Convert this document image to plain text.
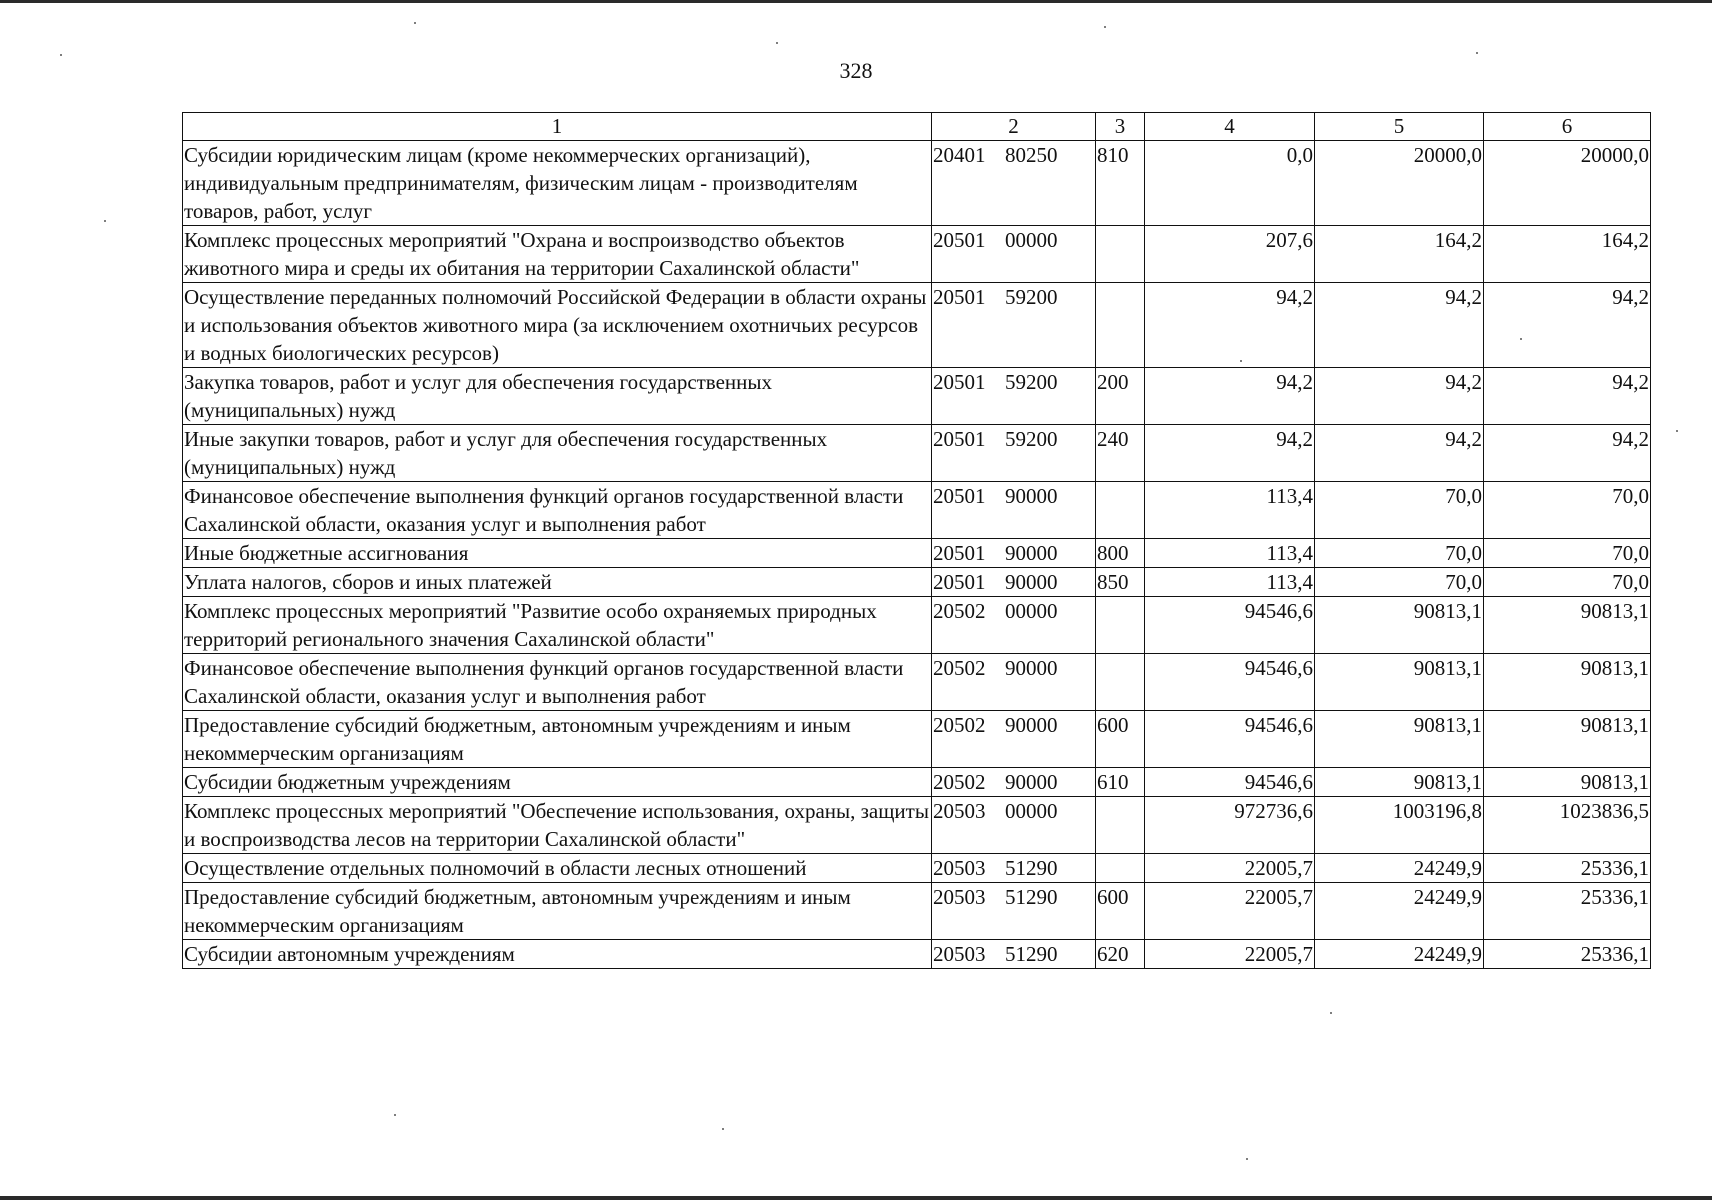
328
1	2	3	4	5	6
Субсидии юридическим лицам (кроме некоммерческих организаций), индивидуальным предпринимателям, физическим лицам - производителям товаров, работ, услуг	20401 80250	810	0,0	20000,0	20000,0
Комплекс процессных мероприятий "Охрана и воспроизводство объектов животного мира и среды их обитания на территории Сахалинской области"	20501 00000		207,6	164,2	164,2
Осуществление переданных полномочий Российской Федерации в области охраны и использования объектов животного мира (за исключением охотничьих ресурсов и водных биологических ресурсов)	20501 59200		94,2	94,2	94,2
Закупка товаров, работ и услуг для обеспечения государственных (муниципальных) нужд	20501 59200	200	94,2	94,2	94,2
Иные закупки товаров, работ и услуг для обеспечения государственных (муниципальных) нужд	20501 59200	240	94,2	94,2	94,2
Финансовое обеспечение выполнения функций органов государственной власти Сахалинской области, оказания услуг и выполнения работ	20501 90000		113,4	70,0	70,0
Иные бюджетные ассигнования	20501 90000	800	113,4	70,0	70,0
Уплата налогов, сборов и иных платежей	20501 90000	850	113,4	70,0	70,0
Комплекс процессных мероприятий "Развитие особо охраняемых природных территорий регионального значения Сахалинской области"	20502 00000		94546,6	90813,1	90813,1
Финансовое обеспечение выполнения функций органов государственной власти Сахалинской области, оказания услуг и выполнения работ	20502 90000		94546,6	90813,1	90813,1
Предоставление субсидий бюджетным, автономным учреждениям и иным некоммерческим организациям	20502 90000	600	94546,6	90813,1	90813,1
Субсидии бюджетным учреждениям	20502 90000	610	94546,6	90813,1	90813,1
Комплекс процессных мероприятий "Обеспечение использования, охраны, защиты и воспроизводства лесов на территории Сахалинской области"	20503 00000		972736,6	1003196,8	1023836,5
Осуществление отдельных полномочий в области лесных отношений	20503 51290		22005,7	24249,9	25336,1
Предоставление субсидий бюджетным, автономным учреждениям и иным некоммерческим организациям	20503 51290	600	22005,7	24249,9	25336,1
Субсидии автономным учреждениям	20503 51290	620	22005,7	24249,9	25336,1
